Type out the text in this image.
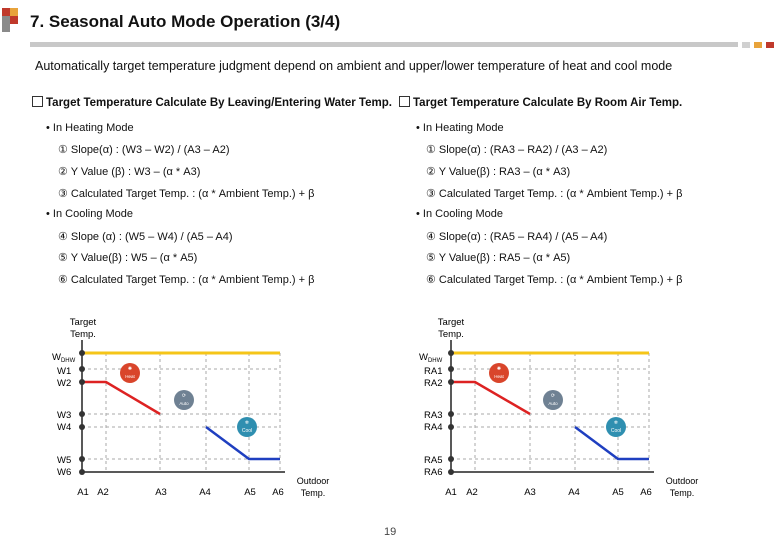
7. Seasonal Auto Mode Operation (3/4)
Automatically target temperature judgment depend on ambient and upper/lower temperature of heat and cool mode
Target Temperature Calculate By Leaving/Entering Water Temp.	Target Temperature Calculate By Room Air Temp.
• In Heating Mode
① Slope(α) : (W3 – W2) / (A3 – A2)
② Y Value (β) : W3 – (α * A3)
③ Calculated Target Temp. : (α * Ambient Temp.) + β
• In Cooling Mode
④ Slope (α) : (W5 – W4) / (A5 – A4)
⑤ Y Value(β) : W5 – (α * A5)
⑥ Calculated Target Temp. : (α * Ambient Temp.) + β
• In Heating Mode
① Slope(α) : (RA3 – RA2) / (A3 – A2)
② Y Value(β) : RA3 – (α * A3)
③ Calculated Target Temp. : (α * Ambient Temp.) + β
• In Cooling Mode
④ Slope(α) : (RA5 – RA4) / (A5 – A4)
⑤ Y Value(β) : RA5 – (α * A5)
⑥ Calculated Target Temp. : (α * Ambient Temp.) + β
Target
Temp.
$W_{DHW}$
W1
W2
W3
W4
W5
W6
A1 A2	A3	A4	A5 A6
Outdoor
Temp.
✺
Heat
⟳
Auto
❄
Cool
Target
Temp.
$W_{DHW}$
RA1
RA2
RA3
RA4
RA5
RA6
A1 A2	A3	A4	A5 A6
Outdoor
Temp.
✺
Heat
⟳
Auto
❄
Cool
19
